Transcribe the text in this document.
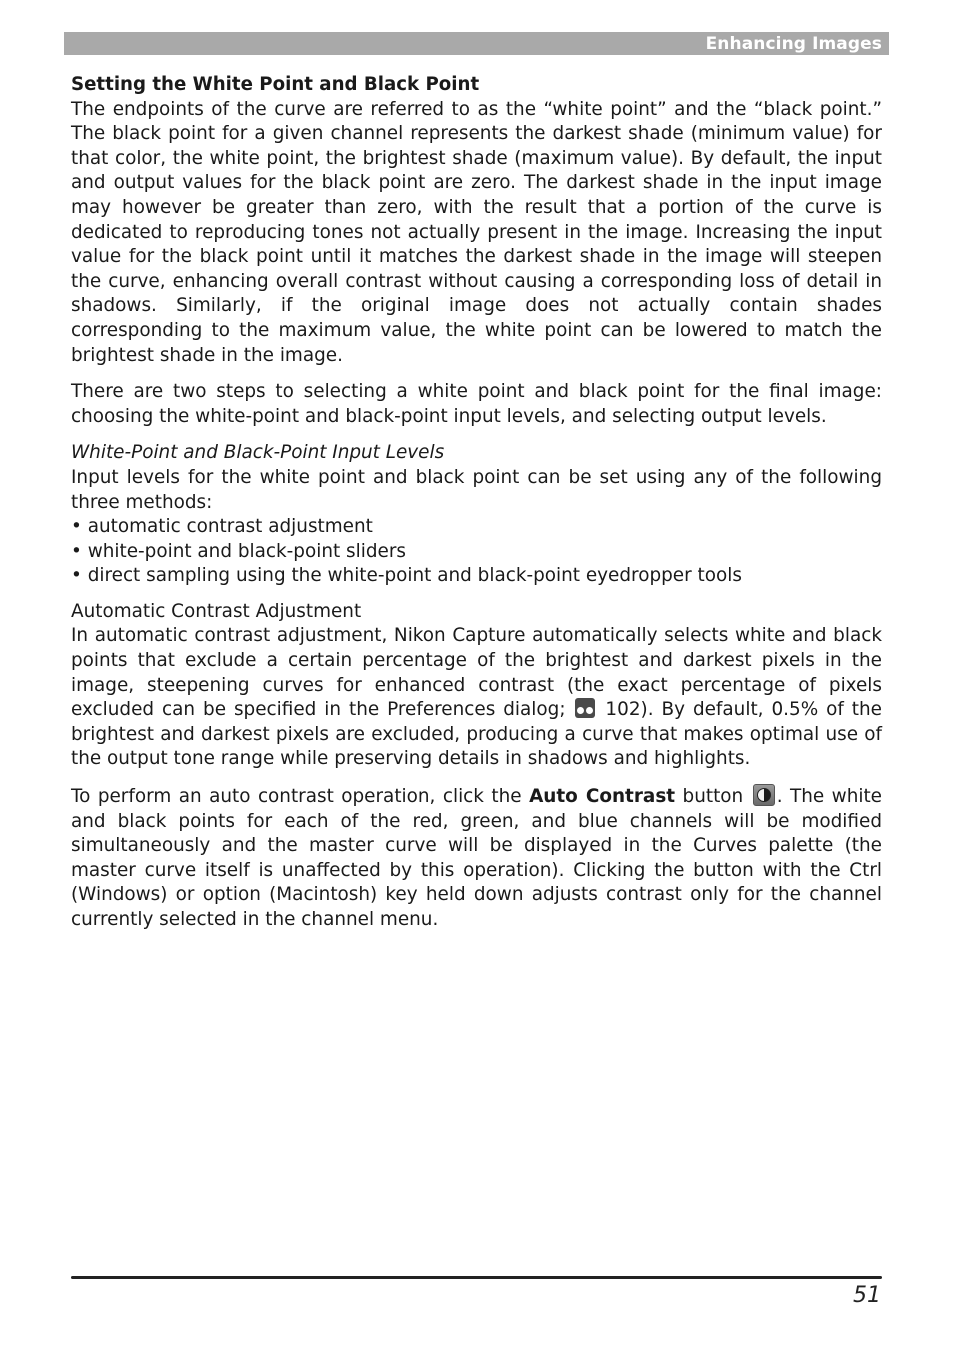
Enhancing Images

Setting the White Point and Black Point

The endpoints of the curve are referred to as the “white point” and the “black point.” The black point for a given channel represents the darkest shade (minimum value) for that color, the white point, the brightest shade (maximum value). By default, the input and output values for the black point are zero. The darkest shade in the input image may however be greater than zero, with the result that a portion of the curve is dedicated to reproducing tones not actually present in the image. Increasing the input value for the black point until it matches the darkest shade in the image will steepen the curve, enhancing overall contrast without causing a corresponding loss of detail in shadows. Similarly, if the original image does not actually contain shades corresponding to the maximum value, the white point can be lowered to match the brightest shade in the image.

There are two steps to selecting a white point and black point for the final image: choosing the white-point and black-point input levels, and selecting output levels.

White-Point and Black-Point Input Levels

Input levels for the white point and black point can be set using any of the following three methods:

• automatic contrast adjustment

• white-point and black-point sliders

• direct sampling using the white-point and black-point eyedropper tools

Automatic Contrast Adjustment

In automatic contrast adjustment, Nikon Capture automatically selects white and black points that exclude a certain percentage of the brightest and darkest pixels in the image, steepening curves for enhanced contrast (the exact percentage of pixels excluded can be specified in the Preferences dialog; 102). By default, 0.5% of the brightest and darkest pixels are excluded, producing a curve that makes optimal use of the output tone range while preserving details in shadows and highlights.

To perform an auto contrast operation, click the Auto Contrast button . The white and black points for each of the red, green, and blue channels will be modified simultaneously and the master curve will be displayed in the Curves palette (the master curve itself is unaffected by this operation). Clicking the button with the Ctrl (Windows) or option (Macintosh) key held down adjusts contrast only for the channel currently selected in the channel menu.

51
